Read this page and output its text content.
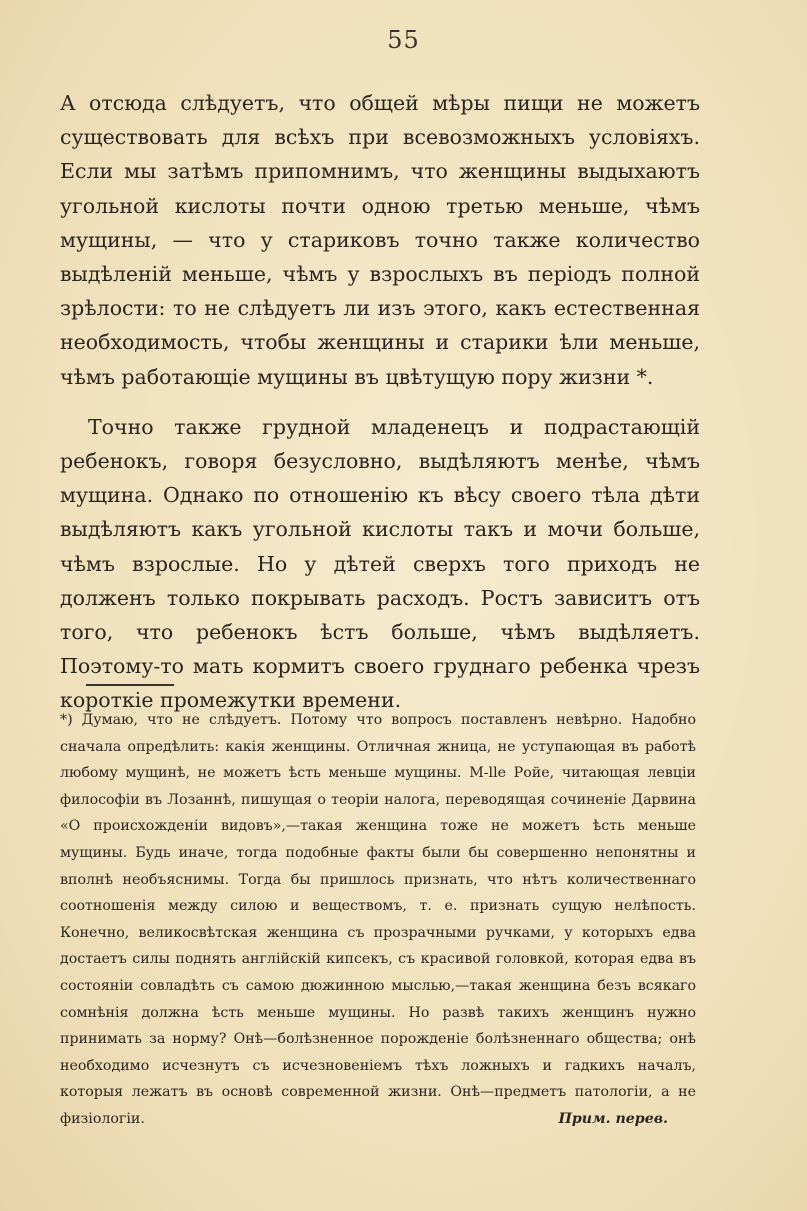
55

А отсюда слѣдуетъ, что общей мѣры пищи не можетъ существовать для всѣхъ при всевозможныхъ условіяхъ. Если мы затѣмъ припомнимъ, что женщины выдыхаютъ угольной кислоты почти одною третью меньше, чѣмъ мущины, — что у стариковъ точно также количество выдѣленій меньше, чѣмъ у взрослыхъ въ періодъ полной зрѣлости: то не слѣдуетъ ли изъ этого, какъ естественная необходимость, чтобы женщины и старики ѣли меньше, чѣмъ работающіе мущины въ цвѣтущую пору жизни *.

Точно также грудной младенецъ и подрастающій ребенокъ, говоря безусловно, выдѣляютъ менѣе, чѣмъ мущина. Однако по отношенію къ вѣсу своего тѣла дѣти выдѣляютъ какъ угольной кислоты такъ и мочи больше, чѣмъ взрослые. Но у дѣтей сверхъ того приходъ не долженъ только покрывать расходъ. Ростъ зависитъ отъ того, что ребенокъ ѣстъ больше, чѣмъ выдѣляетъ. Поэтому-то мать кормитъ своего груднаго ребенка чрезъ короткіе промежутки времени.

*) Думаю, что не слѣдуетъ. Потому что вопросъ поставленъ невѣрно. Надобно сначала опредѣлить: какія женщины. Отличная жница, не уступающая въ работѣ любому мущинѣ, не можетъ ѣсть меньше мущины. M-lle Ройе, читающая левціи философіи въ Лозаннѣ, пишущая о теоріи налога, переводящая сочиненіе Дарвина «О происхожденіи видовъ»,—такая женщина тоже не можетъ ѣсть меньше мущины. Будь иначе, тогда подобные факты были бы совершенно непонятны и вполнѣ необъяснимы. Тогда бы пришлось признать, что нѣтъ количественнаго соотношенія между силою и веществомъ, т. е. признать сущую нелѣпость. Конечно, великосвѣтская женщина съ прозрачными ручками, у которыхъ едва достаетъ силы поднять англійскій кипсекъ, съ красивой головкой, которая едва въ состояніи совладѣть съ самою дюжинною мыслью,—такая женщина безъ всякаго сомнѣнія должна ѣсть меньше мущины. Но развѣ такихъ женщинъ нужно принимать за норму? Онѣ—болѣзненное порожденіе болѣзненнаго общества; онѣ необходимо исчезнутъ съ исчезновеніемъ тѣхъ ложныхъ и гадкихъ началъ, которыя лежатъ въ основѣ современной жизни. Онѣ—предметъ патологіи, а не физіологіи.	Прим. перев.
